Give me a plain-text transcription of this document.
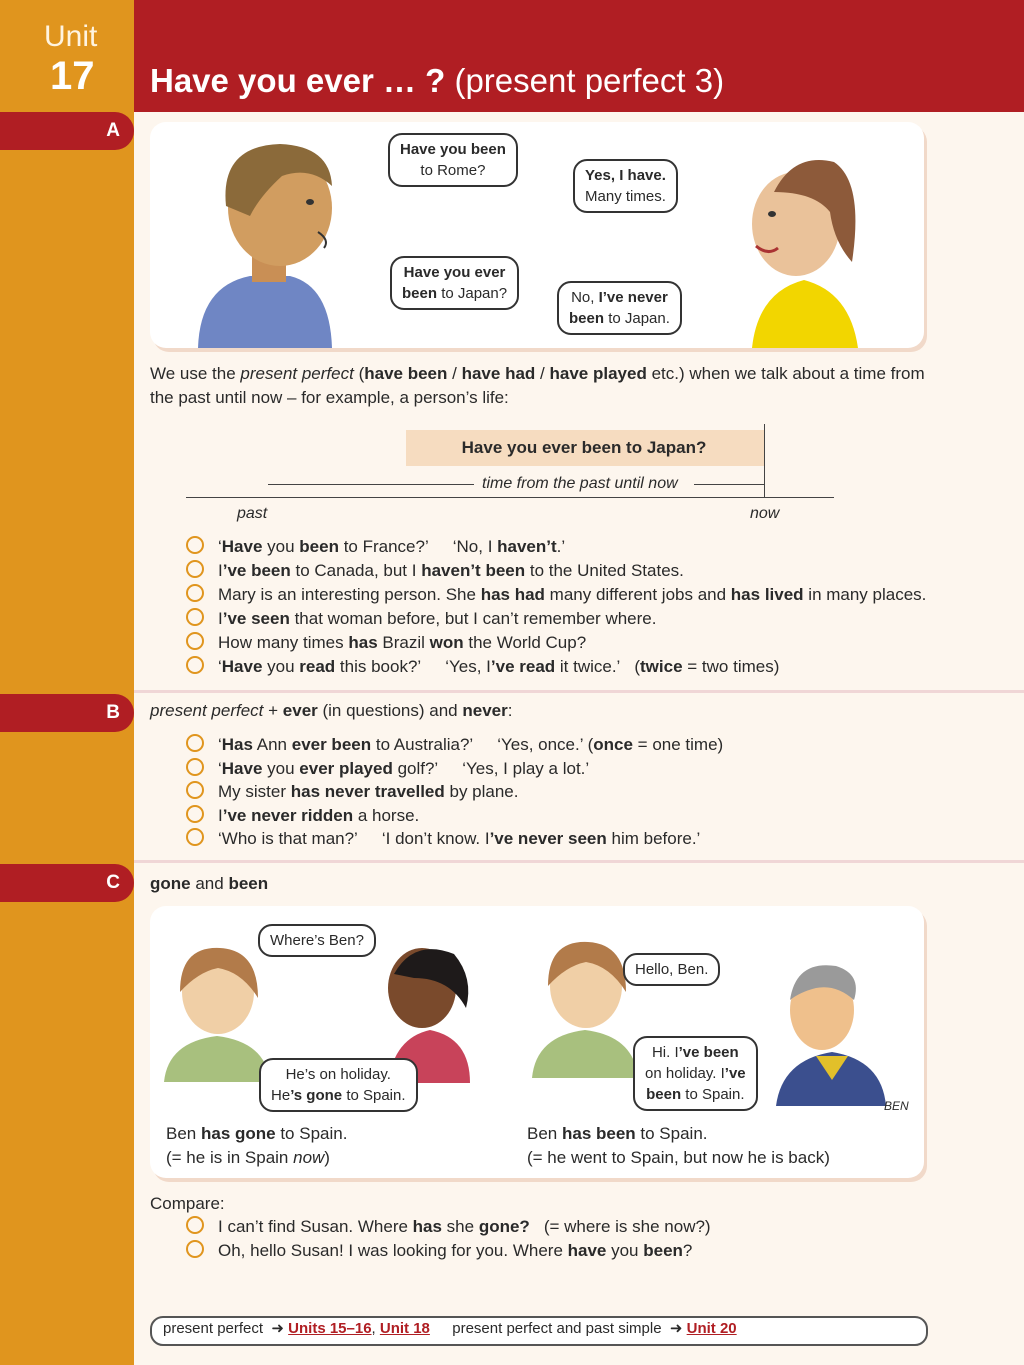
Unit
17 Have you ever … ? (present perfect 3)
A
B
C
Have you been
to Rome?	Yes, I have.
Many times.
Have you ever
been to Japan?	No, I’ve never
been to Japan.
We use the present perfect (have been / have had / have played etc.) when we talk about a time from
the past until now – for example, a person’s life:
Have you ever been to Japan?
time from the past until now
past	now
‘Have you been to France?’ ‘No, I haven’t.’
I’ve been to Canada, but I haven’t been to the United States.
Mary is an interesting person. She has had many different jobs and has lived in many places.
I’ve seen that woman before, but I can’t remember where.
How many times has Brazil won the World Cup?
‘Have you read this book?’ ‘Yes, I’ve read it twice.’ (twice = two times)
present perfect + ever (in questions) and never:
‘Has Ann ever been to Australia?’ ‘Yes, once.’ (once = one time)
‘Have you ever played golf?’ ‘Yes, I play a lot.’
My sister has never travelled by plane.
I’ve never ridden a horse.
‘Who is that man?’ ‘I don’t know. I’ve never seen him before.’
gone and been
Where’s Ben?
He’s on holiday.
He’s gone to Spain.
Hello, Ben.
Hi. I’ve been
on holiday. I’ve
been to Spain.
BEN
Ben has gone to Spain.
(= he is in Spain now)
Ben has been to Spain.
(= he went to Spain, but now he is back)
Compare:
I can’t find Susan. Where has she gone? (= where is she now?)
Oh, hello Susan! I was looking for you. Where have you been?
present perfect ➜ Units 15–16, Unit 18 present perfect and past simple ➜ Unit 20
